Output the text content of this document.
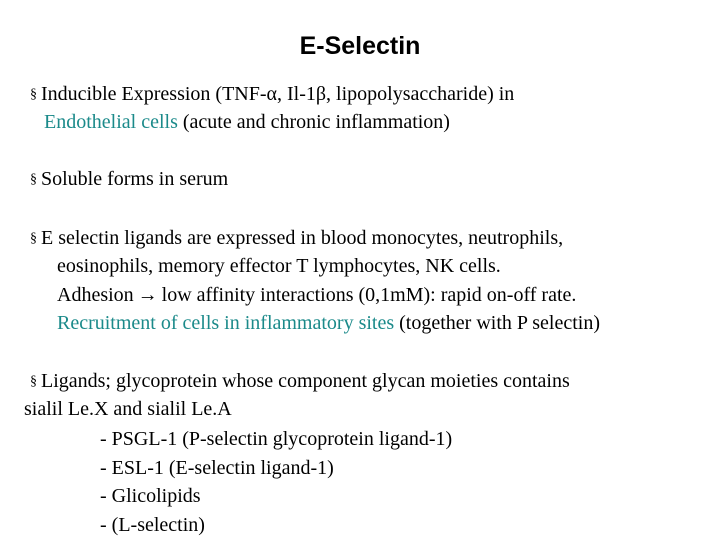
E-Selectin
§ Inducible Expression (TNF-α, Il-1β, lipopolysaccharide) in
Endothelial cells (acute and chronic inflammation)
§ Soluble forms in serum
§ E selectin ligands are expressed in blood monocytes, neutrophils,
eosinophils, memory effector T lymphocytes, NK cells.
Adhesion → low affinity interactions (0,1mM): rapid on-off rate.
Recruitment of cells in inflammatory sites (together with P selectin)
§ Ligands; glycoprotein whose component glycan moieties contains
sialil Le.X and sialil Le.A
- PSGL-1 (P-selectin glycoprotein ligand-1)
- ESL-1 (E-selectin ligand-1)
- Glicolipids
- (L-selectin)
